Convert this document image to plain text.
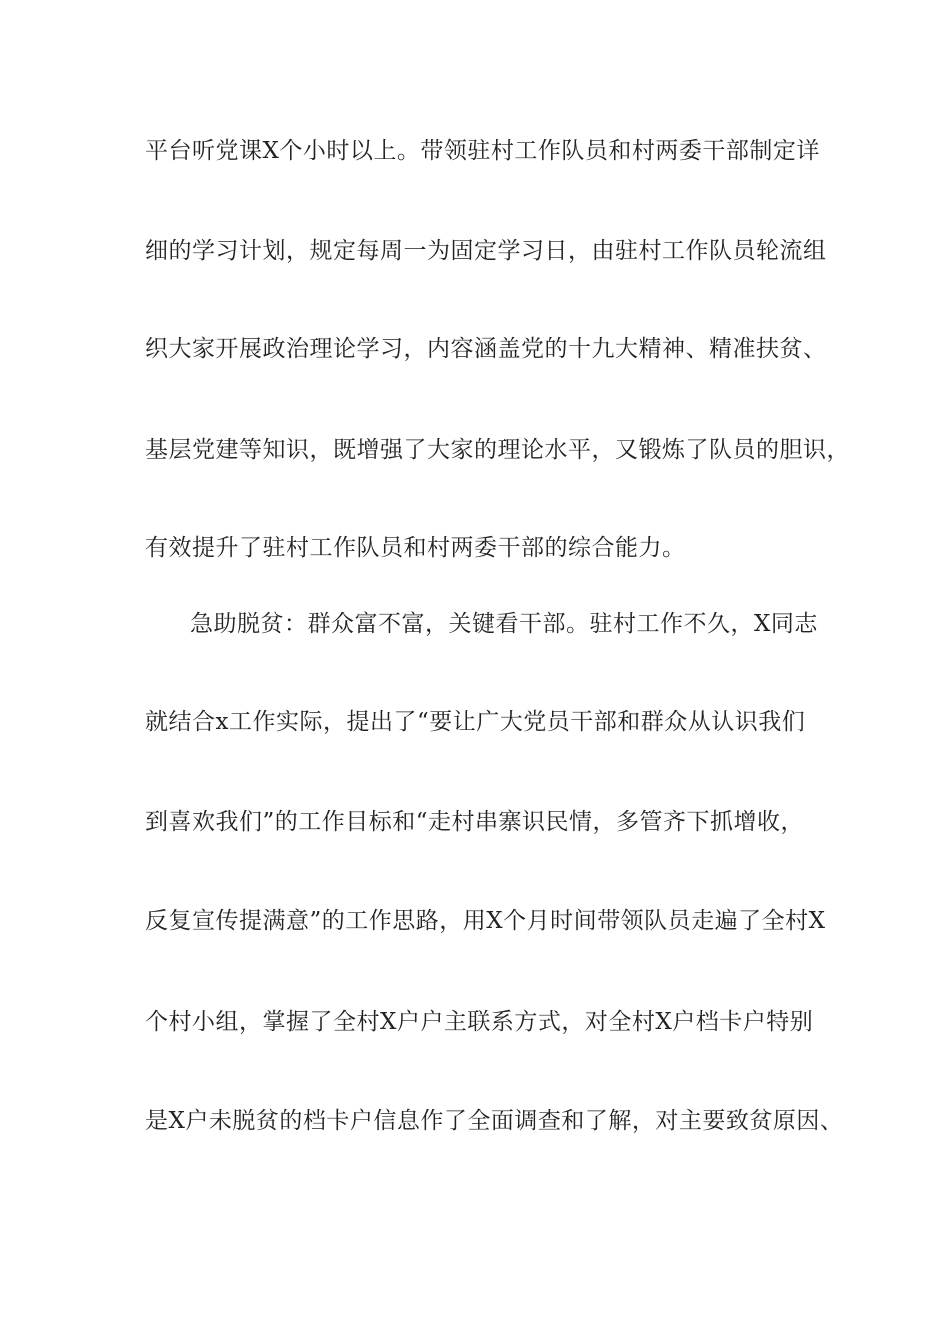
平台听党课X个小时以上。带领驻村工作队员和村两委干部制定详
细的学习计划，规定每周一为固定学习日，由驻村工作队员轮流组
织大家开展政治理论学习，内容涵盖党的十九大精神、精准扶贫、
基层党建等知识，既增强了大家的理论水平，又锻炼了队员的胆识，
有效提升了驻村工作队员和村两委干部的综合能力。
急助脱贫：群众富不富，关键看干部。驻村工作不久，X同志
就结合x工作实际，提出了“要让广大党员干部和群众从认识我们
到喜欢我们”的工作目标和“走村串寨识民情，多管齐下抓增收，
反复宣传提满意”的工作思路，用X个月时间带领队员走遍了全村X
个村小组，掌握了全村X户户主联系方式，对全村X户档卡户特别
是X户未脱贫的档卡户信息作了全面调查和了解，对主要致贫原因、
